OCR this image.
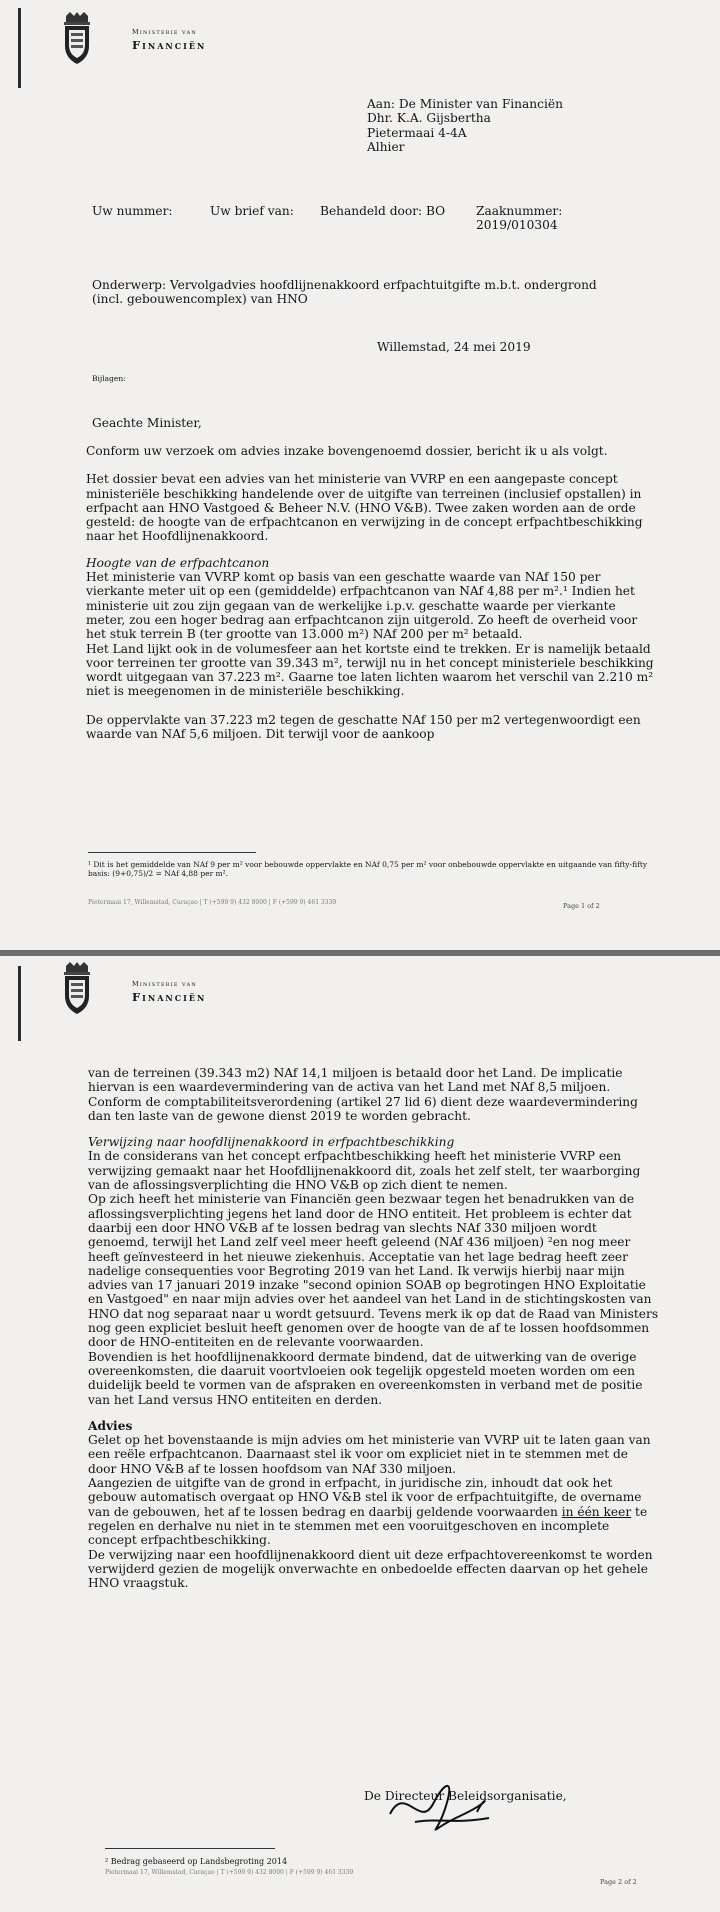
Ministerie van
Financiën
Aan: De Minister van Financiën
Dhr. K.A. Gijsbertha
Pietermaai 4-4A
Alhier
Uw nummer:	Uw brief van: Behandeld door: BO	Zaaknummer:
2019/010304
Onderwerp: Vervolgadvies hoofdlijnenakkoord erfpachtuitgifte m.b.t. ondergrond
(incl. gebouwencomplex) van HNO
Willemstad, 24 mei 2019
Bijlagen:
Geachte Minister,

Conform uw verzoek om advies inzake bovengenoemd dossier, bericht ik u als volgt.

Het dossier bevat een advies van het ministerie van VVRP en een aangepaste concept ministeriële beschikking handelende over de uitgifte van terreinen (inclusief opstallen) in erfpacht aan HNO Vastgoed & Beheer N.V. (HNO V&B). Twee zaken worden aan de orde gesteld: de hoogte van de erfpachtcanon en verwijzing in de concept erfpachtbeschikking naar het Hoofdlijnenakkoord.

Hoogte van de erfpachtcanon

Het ministerie van VVRP komt op basis van een geschatte waarde van NAf 150 per vierkante meter uit op een (gemiddelde) erfpachtcanon van NAf 4,88 per m².¹ Indien het ministerie uit zou zijn gegaan van de werkelijke i.p.v. geschatte waarde per vierkante meter, zou een hoger bedrag aan erfpachtcanon zijn uitgerold. Zo heeft de overheid voor het stuk terrein B (ter grootte van 13.000 m²) NAf 200 per m² betaald.

Het Land lijkt ook in de volumesfeer aan het kortste eind te trekken. Er is namelijk betaald voor terreinen ter grootte van 39.343 m², terwijl nu in het concept ministeriele beschikking wordt uitgegaan van 37.223 m². Gaarne toe laten lichten waarom het verschil van 2.210 m² niet is meegenomen in de ministeriële beschikking.

De oppervlakte van 37.223 m2 tegen de geschatte NAf 150 per m2 vertegenwoordigt een waarde van NAf 5,6 miljoen. Dit terwijl voor de aankoop

¹ Dit is het gemiddelde van NAf 9 per m² voor bebouwde oppervlakte en NAf 0,75 per m² voor onbebouwde oppervlakte en uitgaande van fifty-fifty basis: (9+0,75)/2 = NAf 4,88 per m².
Pietermaai 17, Willemstad, Curaçao | T (+599 9) 432 8000 | F (+599 9) 461 3339	Page 1 of 2
Ministerie van
Financiën

van de terreinen (39.343 m2) NAf 14,1 miljoen is betaald door het Land. De implicatie hiervan is een waardevermindering van de activa van het Land met NAf 8,5 miljoen. Conform de comptabiliteitsverordening (artikel 27 lid 6) dient deze waardevermindering dan ten laste van de gewone dienst 2019 te worden gebracht.

Verwijzing naar hoofdlijnenakkoord in erfpachtbeschikking

In de considerans van het concept erfpachtbeschikking heeft het ministerie VVRP een verwijzing gemaakt naar het Hoofdlijnenakkoord dit, zoals het zelf stelt, ter waarborging van de aflossingsverplichting die HNO V&B op zich dient te nemen.

Op zich heeft het ministerie van Financiën geen bezwaar tegen het benadrukken van de aflossingsverplichting jegens het land door de HNO entiteit. Het probleem is echter dat daarbij een door HNO V&B af te lossen bedrag van slechts NAf 330 miljoen wordt genoemd, terwijl het Land zelf veel meer heeft geleend (NAf 436 miljoen) ²en nog meer heeft geïnvesteerd in het nieuwe ziekenhuis. Acceptatie van het lage bedrag heeft zeer nadelige consequenties voor Begroting 2019 van het Land. Ik verwijs hierbij naar mijn advies van 17 januari 2019 inzake "second opinion SOAB op begrotingen HNO Exploitatie en Vastgoed" en naar mijn advies over het aandeel van het Land in de stichtingskosten van HNO dat nog separaat naar u wordt getsuurd. Tevens merk ik op dat de Raad van Ministers nog geen expliciet besluit heeft genomen over de hoogte van de af te lossen hoofdsommen door de HNO-entiteiten en de relevante voorwaarden.

Bovendien is het hoofdlijnenakkoord dermate bindend, dat de uitwerking van de overige overeenkomsten, die daaruit voortvloeien ook tegelijk opgesteld moeten worden om een duidelijk beeld te vormen van de afspraken en overeenkomsten in verband met de positie van het Land versus HNO entiteiten en derden.

Advies

Gelet op het bovenstaande is mijn advies om het ministerie van VVRP uit te laten gaan van een reële erfpachtcanon. Daarnaast stel ik voor om expliciet niet in te stemmen met de door HNO V&B af te lossen hoofdsom van NAf 330 miljoen.

Aangezien de uitgifte van de grond in erfpacht, in juridische zin, inhoudt dat ook het gebouw automatisch overgaat op HNO V&B stel ik voor de erfpachtuitgifte, de overname van de gebouwen, het af te lossen bedrag en daarbij geldende voorwaarden in één keer te regelen en derhalve nu niet in te stemmen met een vooruitgeschoven en incomplete concept erfpachtbeschikking.

De verwijzing naar een hoofdlijnenakkoord dient uit deze erfpachtovereenkomst te worden verwijderd gezien de mogelijk onverwachte en onbedoelde effecten daarvan op het gehele HNO vraagstuk.

De Directeur Beleidsorganisatie,
² Bedrag gebaseerd op Landsbegroting 2014
Pietermaai 17, Willemstad, Curaçao | T (+599 9) 432 8000 | F (+599 9) 461 3339
Page 2 of 2
